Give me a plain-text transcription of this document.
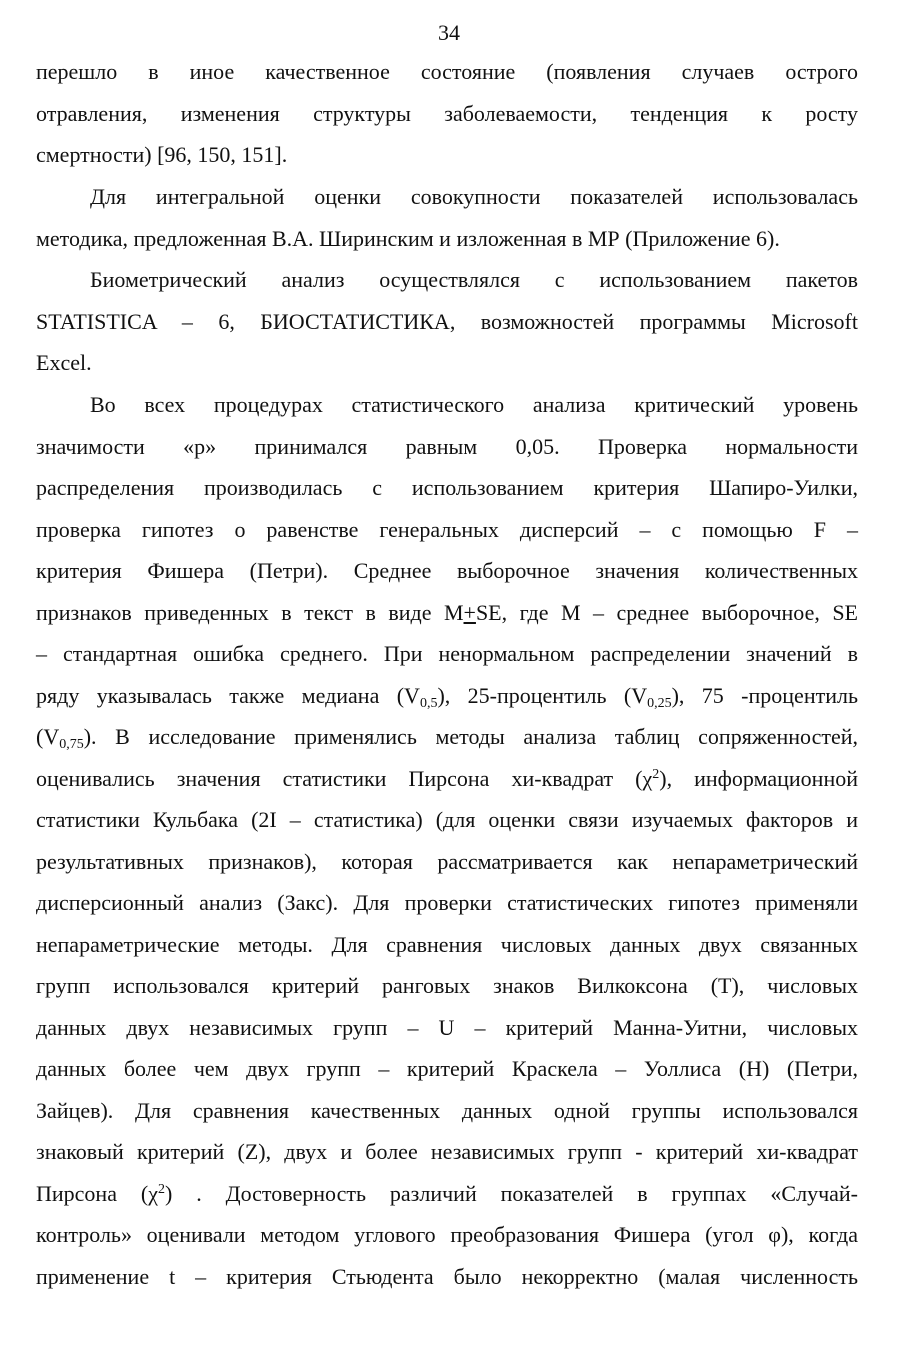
34
перешло в иное качественное состояние (появления случаев острого
отравления, изменения структуры заболеваемости, тенденция к росту
смертности) [96, 150, 151].
Для интегральной оценки совокупности показателей использовалась
методика, предложенная В.А. Ширинским и изложенная в МР (Приложение 6).
Биометрический анализ осуществлялся с использованием пакетов
STATISTICA – 6, БИОСТАТИСТИКА, возможностей программы Microsoft
Excel.
Во всех процедурах статистического анализа критический уровень
значимости «р» принимался равным 0,05. Проверка нормальности
распределения производилась с использованием критерия Шапиро-Уилки,
проверка гипотез о равенстве генеральных дисперсий – с помощью F –
критерия Фишера (Петри). Среднее выборочное значения количественных
признаков приведенных в текст в виде М+SE, где М – среднее выборочное, SE
– стандартная ошибка среднего. При ненормальном распределении значений в
ряду указывалась также медиана $(V_{0,5})$, 25-процентиль $(V_{0,25})$, 75 -процентиль
$(V_{0,75})$. В исследование применялись методы анализа таблиц сопряженностей,
оценивались значения статистики Пирсона хи-квадрат $(\chi^2)$, информационной
статистики Кульбака (2I – статистика) (для оценки связи изучаемых факторов и
результативных признаков), которая рассматривается как непараметрический
дисперсионный анализ (Закс). Для проверки статистических гипотез применяли
непараметрические методы. Для сравнения числовых данных двух связанных
групп использовался критерий ранговых знаков Вилкоксона (Т), числовых
данных двух независимых групп – U – критерий Манна-Уитни, числовых
данных более чем двух групп – критерий Краскела – Уоллиса (Н) (Петри,
Зайцев). Для сравнения качественных данных одной группы использовался
знаковый критерий (Z), двух и более независимых групп - критерий хи-квадрат
Пирсона $(\chi^2)$ . Достоверность различий показателей в группах «Случай-
контроль» оценивали методом углового преобразования Фишера (угол φ), когда
применение t – критерия Стьюдента было некорректно (малая численность
